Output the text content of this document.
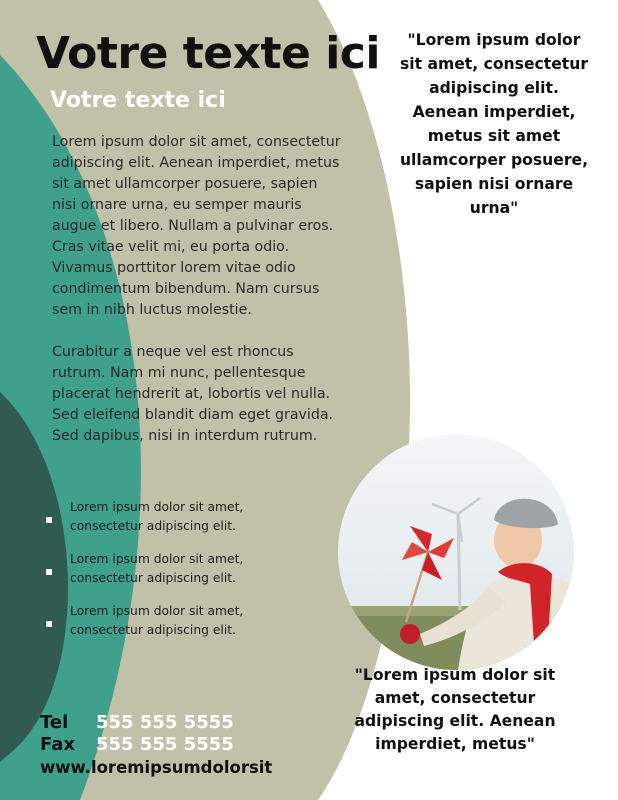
Votre texte ici
Votre texte ici

Lorem ipsum dolor sit amet, consectetur adipiscing elit. Aenean imperdiet, metus sit amet ullamcorper posuere, sapien nisi ornare urna, eu semper mauris augue et libero. Nullam a pulvinar eros. Cras vitae velit mi, eu porta odio. Vivamus porttitor lorem vitae odio condimentum bibendum. Nam cursus sem in nibh luctus molestie.

Curabitur a neque vel est rhoncus rutrum. Nam mi nunc, pellentesque placerat hendrerit at, lobortis vel nulla. Sed eleifend blandit diam eget gravida. Sed dapibus, nisi in interdum rutrum.

Lorem ipsum dolor sit amet, consectetur adipiscing elit.
Lorem ipsum dolor sit amet, consectetur adipiscing elit.
Lorem ipsum dolor sit amet, consectetur adipiscing elit.
"Lorem ipsum dolor sit amet, consectetur adipiscing elit. Aenean imperdiet, metus sit amet ullamcorper posuere, sapien nisi ornare urna"
"Lorem ipsum dolor sit amet, consectetur adipiscing elit. Aenean imperdiet, metus"
Tel 555 555 5555
Fax 555 555 5555
www.loremipsumdolorsit
